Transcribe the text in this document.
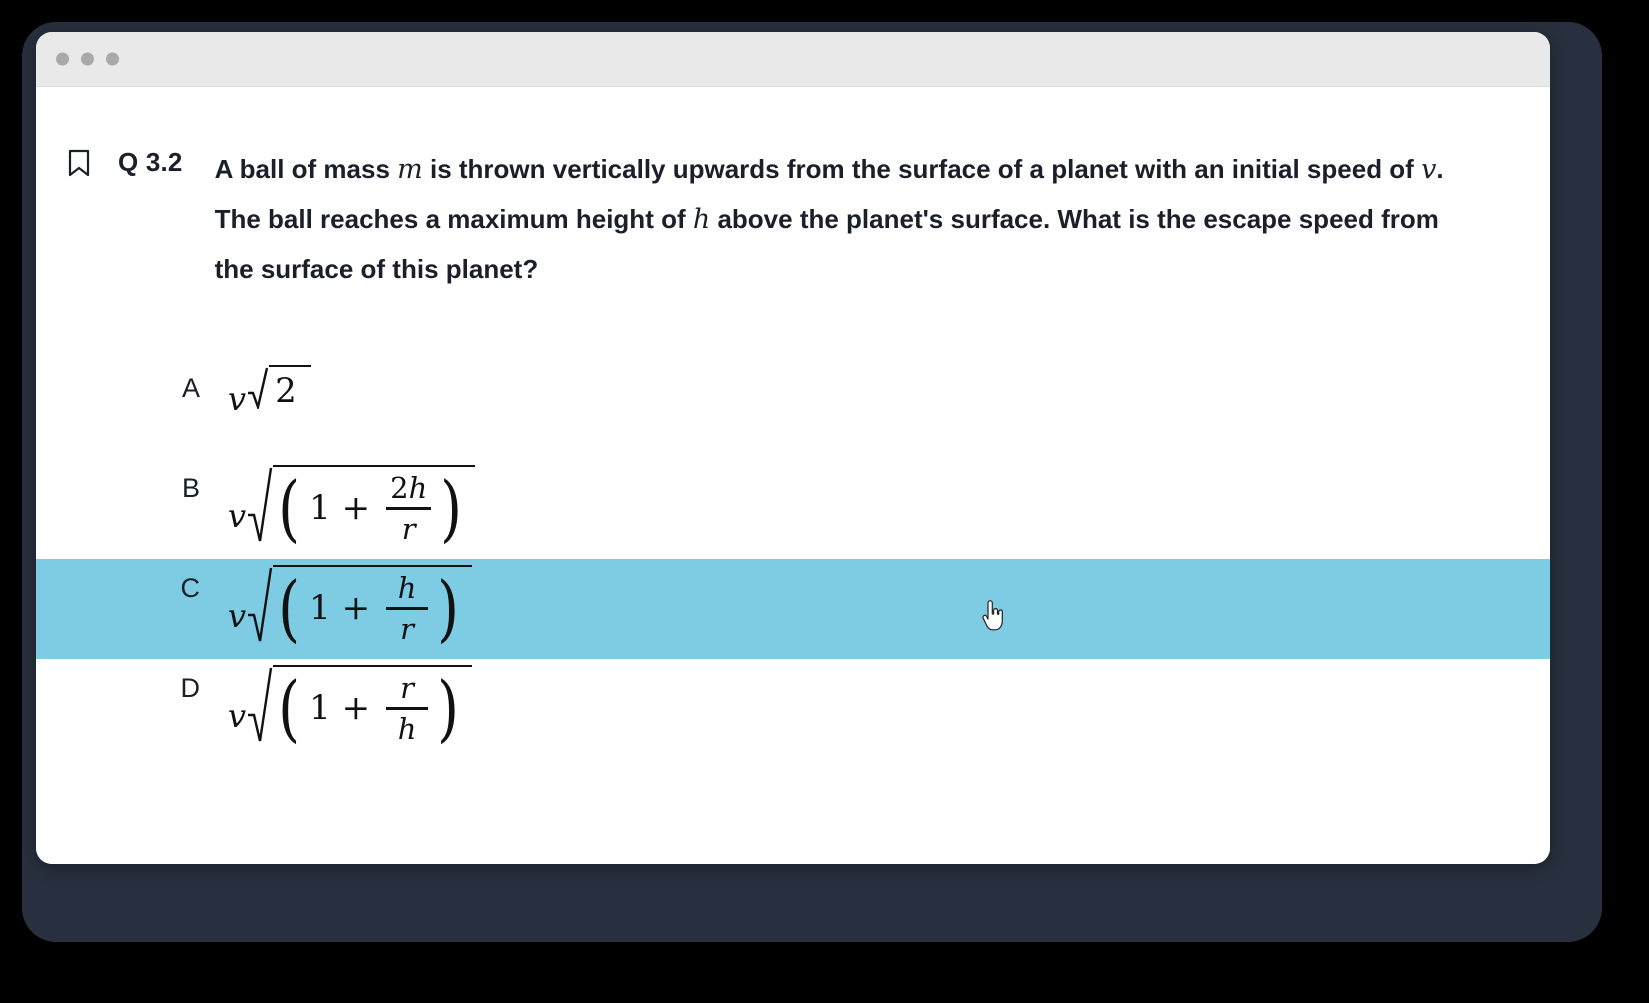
Q 3.2 A ball of mass m is thrown vertically upwards from the surface of a planet with an initial speed of v. The ball reaches a maximum height of h above the planet's surface. What is the escape speed from the surface of this planet?
A v 2
B
v ( $1 + \frac{2h}{r}$ )
C
v ( $1 + \frac{h}{r}$ )
D
v ( $1 + \frac{r}{h}$ )
